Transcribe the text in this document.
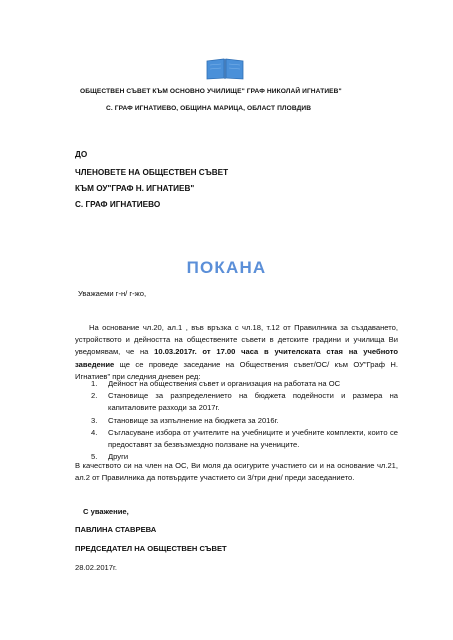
ОБЩЕСТВЕН СЪВЕТ КЪМ ОСНОВНО УЧИЛИЩЕ" ГРАФ НИКОЛАЙ ИГНАТИЕВ"
С. ГРАФ ИГНАТИЕВО, ОБЩИНА МАРИЦА, ОБЛАСТ ПЛОВДИВ
ДО
ЧЛЕНОВЕТЕ НА ОБЩЕСТВЕН СЪВЕТ
КЪМ ОУ"ГРАФ Н. ИГНАТИЕВ"
С. ГРАФ ИГНАТИЕВО
ПОКАНА
Уважаеми г-н/ г-жо,
На основание чл.20, ал.1 , във връзка с чл.18, т.12 от Правилника за създаването, устройството и дейността на обществените съвети в детските градини и училища Ви уведомявам, че на 10.03.2017г. от 17.00 часа в учителската стая на учебното заведение ще се проведе заседание на Обществения съвет/ОС/ към ОУ"Граф Н. Игнатиев" при следния дневен ред:
1.	Дейност на обществения съвет и организация на работата на ОС
2.	Становище за разпределението на бюджета подейности и размера на капиталовите разходи за 2017г.
3.	Становище за изпълнение на бюджета за 2016г.
4.	Съгласуване избора от учителите на учебниците и учебните комплекти, които се предоставят за безвъзмездно ползване на учениците.
5.	Други
В качеството си на член на ОС, Ви моля да осигурите участието си и на основание чл.21, ал.2 от Правилника да потвърдите участието си 3/три дни/ преди заседанието.
С уважение,
ПАВЛИНА СТАВРЕВА
ПРЕДСЕДАТЕЛ НА ОБЩЕСТВЕН СЪВЕТ
28.02.2017г.
